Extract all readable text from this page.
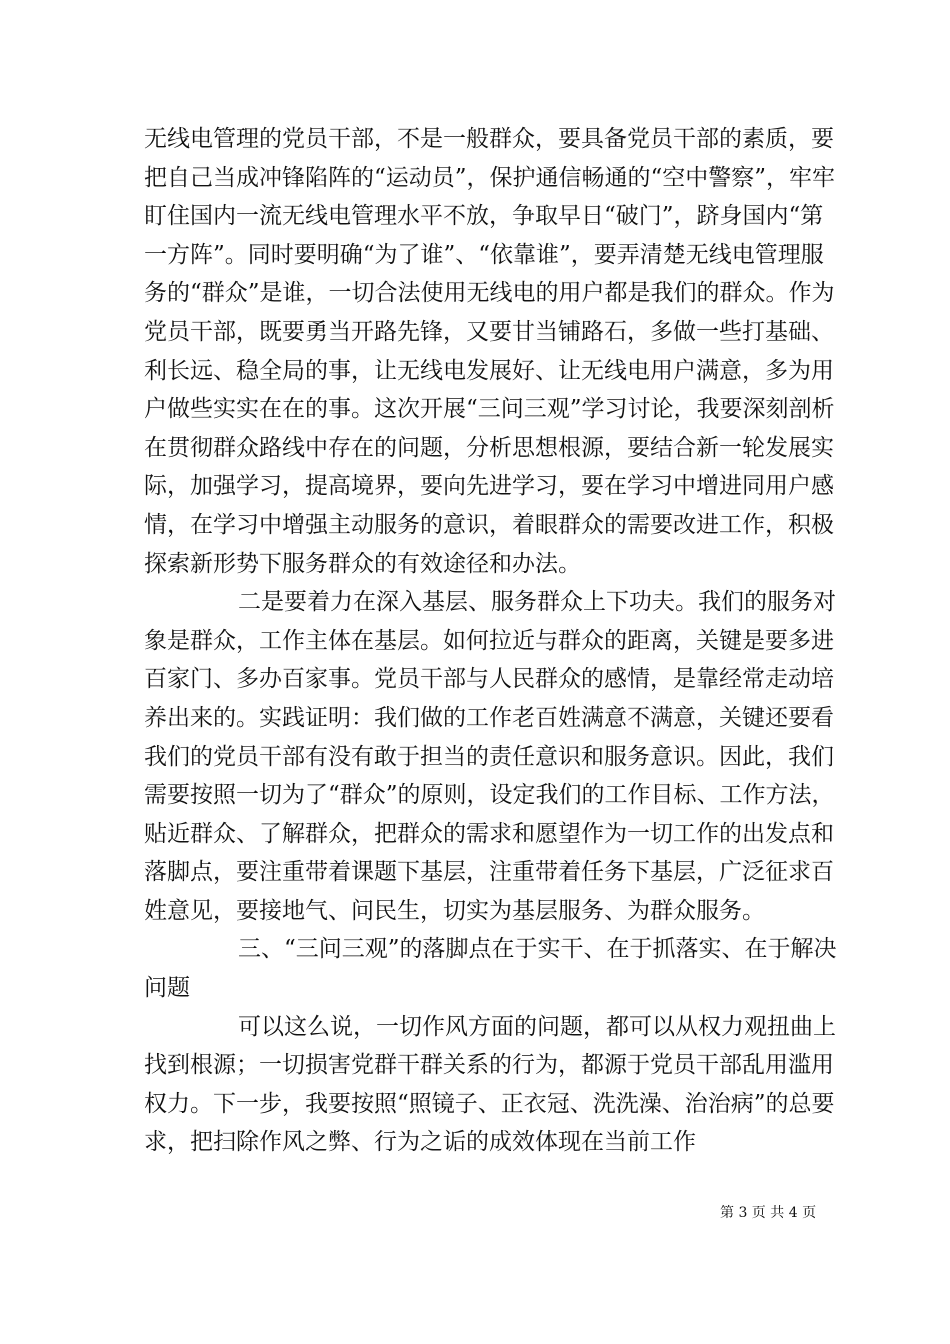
无线电管理的党员干部，不是一般群众，要具备党员干部的素质，要把自己当成冲锋陷阵的“运动员”，保护通信畅通的“空中警察”，牢牢盯住国内一流无线电管理水平不放，争取早日“破门”，跻身国内“第一方阵”。同时要明确“为了谁”、“依靠谁”，要弄清楚无线电管理服务的“群众”是谁，一切合法使用无线电的用户都是我们的群众。作为党员干部，既要勇当开路先锋，又要甘当铺路石，多做一些打基础、利长远、稳全局的事，让无线电发展好、让无线电用户满意，多为用户做些实实在在的事。这次开展“三问三观”学习讨论，我要深刻剖析在贯彻群众路线中存在的问题，分析思想根源，要结合新一轮发展实际，加强学习，提高境界，要向先进学习，要在学习中增进同用户感情，在学习中增强主动服务的意识，着眼群众的需要改进工作，积极探索新形势下服务群众的有效途径和办法。

二是要着力在深入基层、服务群众上下功夫。我们的服务对象是群众，工作主体在基层。如何拉近与群众的距离，关键是要多进百家门、多办百家事。党员干部与人民群众的感情，是靠经常走动培养出来的。实践证明：我们做的工作老百姓满意不满意，关键还要看我们的党员干部有没有敢于担当的责任意识和服务意识。因此，我们需要按照一切为了“群众”的原则，设定我们的工作目标、工作方法，贴近群众、了解群众，把群众的需求和愿望作为一切工作的出发点和落脚点，要注重带着课题下基层，注重带着任务下基层，广泛征求百姓意见，要接地气、问民生，切实为基层服务、为群众服务。

三、“三问三观”的落脚点在于实干、在于抓落实、在于解决问题

可以这么说，一切作风方面的问题，都可以从权力观扭曲上找到根源；一切损害党群干群关系的行为，都源于党员干部乱用滥用权力。下一步，我要按照“照镜子、正衣冠、洗洗澡、治治病”的总要求，把扫除作风之弊、行为之诟的成效体现在当前工作

第 3 页 共 4 页
